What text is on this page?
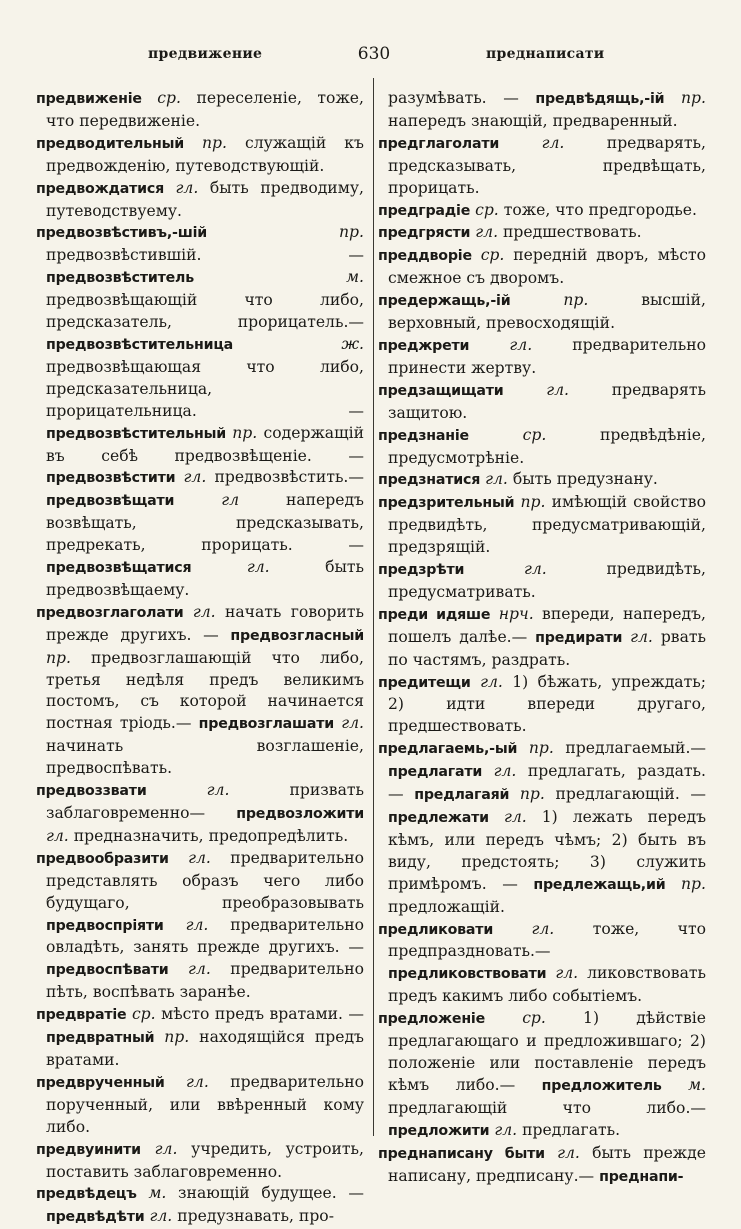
предвижение	630	преднаписати

предвиженіе ср. переселеніе, тоже, что передвиженіе.

предводительный пр. служащій къ предвожденію, путеводствующій.

предвождатися гл. быть предводиму, путеводствуему.

предвозвѣстивъ,-шій	пр. предвозвѣстившій. — предвозвѣститель	м. предвозвѣщающій что либо, предсказатель, прорицатель.— предвозвѣстительница	ж. предвозвѣщающая что либо, предсказательница, прорицательница. — предвозвѣстительный пр. содержащій въ себѣ предвозвѣщеніе. — предвозвѣстити гл. предвозвѣстить.— предвозвѣщати	гл	напередъ возвѣщать, предсказывать, предрекать, прорицать. — предвозвѣщатися	гл.	быть предвозвѣщаему.

предвозглаголати гл. начать говорить прежде другихъ. — предвозгласный пр. предвозглашающій что либо, третья недѣля предъ великимъ постомъ, съ которой начинается постная тріодь.— предвозглашати гл. начинать возглашеніе, предвоспѣвать.

предвоззвати	гл.	призвать заблаговременно— предвозложити гл. предназначить, предопредѣлить.

предвообразити гл. предварительно представлять образъ чего либо будущаго, преобразовывать предвоспріяти гл. предварительно овладѣть, занять прежде другихъ. — предвоспѣвати гл. предварительно пѣть, воспѣвать заранѣе.

предвратіе ср. мѣсто предъ вратами. — предвратный пр. находящійся предъ вратами.

предврученный гл. предварительно порученный, или ввѣренный кому либо.

предвуинити гл. учредить, устроить, поставить заблаговременно.

предвѣдецъ м. знающій будущее. — предвѣдѣти гл. предузнавать, про-

разумѣвать. — предвѣдящь,-ій пр. напередъ знающій, предваренный.

предглаголати	гл.	предварять, предсказывать, предвѣщать, прорицать.

предградіе ср. тоже, что предгородье.

предгрясти гл. предшествовать.

преддворіе ср. передній дворъ, мѣсто смежное съ дворомъ.

предержащь,-ій	пр.	высшій, верховный, превосходящій.

преджрети	гл.	предварительно принести жертву.

предзащищати	гл.	предварять защитою.

предзнаніе	ср.	предвѣдѣніе, предусмотрѣніе.

предзнатися гл. быть предузнану.

предзрительный пр. имѣющій свойство предвидѣть, предусматривающій, предзрящій.

предзрѣти	гл.	предвидѣть, предусматривать.

преди идяше нрч. впереди, напередъ, пошелъ далѣе.— предирати гл. рвать по частямъ, раздрать.

предитещи гл. 1) бѣжать, упреждать; 2) идти впереди другаго, предшествовать.

предлагаемь,-ый пр. предлагаемый.— предлагати гл. предлагать, раздать. — предлагаяй пр. предлагающій. — предлежати гл. 1) лежать передъ кѣмъ, или передъ чѣмъ; 2) быть въ виду, предстоять; 3) служить примѣромъ. — предлежащь,ий пр. предложащій.

предликовати гл. тоже, что предпраздновать.— предликовствовати гл. ликовствовать предъ какимъ либо событіемъ.

предложеніе ср. 1) дѣйствіе предлагающаго и предложившаго; 2) положеніе или поставленіе передъ кѣмъ либо.— предложитель м. предлагающій что либо.— предложити гл. предлагать.

преднаписану быти гл. быть прежде написану, предписану.— преднапи-
